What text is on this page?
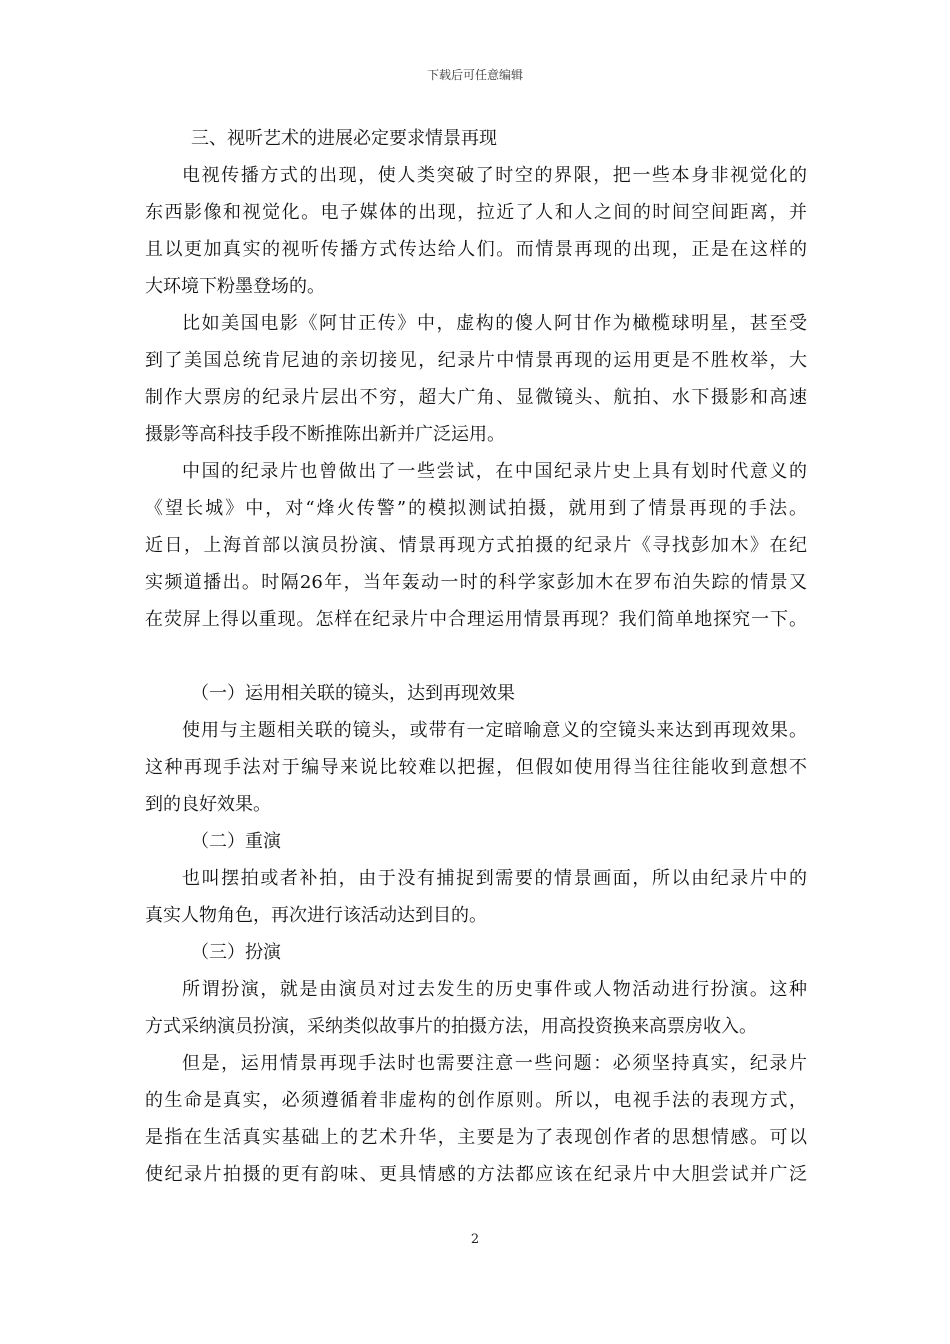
下载后可任意编辑
三、视听艺术的进展必定要求情景再现
电视传播方式的出现，使人类突破了时空的界限，把一些本身非视觉化的
东西影像和视觉化。电子媒体的出现，拉近了人和人之间的时间空间距离，并
且以更加真实的视听传播方式传达给人们。而情景再现的出现，正是在这样的
大环境下粉墨登场的。
比如美国电影《阿甘正传》中，虚构的傻人阿甘作为橄榄球明星，甚至受
到了美国总统肯尼迪的亲切接见，纪录片中情景再现的运用更是不胜枚举，大
制作大票房的纪录片层出不穷，超大广角、显微镜头、航拍、水下摄影和高速
摄影等高科技手段不断推陈出新并广泛运用。
中国的纪录片也曾做出了一些尝试，在中国纪录片史上具有划时代意义的
《望长城》中，对“烽火传警”的模拟测试拍摄，就用到了情景再现的手法。
近日，上海首部以演员扮演、情景再现方式拍摄的纪录片《寻找彭加木》在纪
实频道播出。时隔26年，当年轰动一时的科学家彭加木在罗布泊失踪的情景又
在荧屏上得以重现。怎样在纪录片中合理运用情景再现？我们简单地探究一下。
（一）运用相关联的镜头，达到再现效果
使用与主题相关联的镜头，或带有一定暗喻意义的空镜头来达到再现效果。
这种再现手法对于编导来说比较难以把握，但假如使用得当往往能收到意想不
到的良好效果。
（二）重演
也叫摆拍或者补拍，由于没有捕捉到需要的情景画面，所以由纪录片中的
真实人物角色，再次进行该活动达到目的。
（三）扮演
所谓扮演，就是由演员对过去发生的历史事件或人物活动进行扮演。这种
方式采纳演员扮演，采纳类似故事片的拍摄方法，用高投资换来高票房收入。
但是，运用情景再现手法时也需要注意一些问题：必须坚持真实，纪录片
的生命是真实，必须遵循着非虚构的创作原则。所以，电视手法的表现方式，
是指在生活真实基础上的艺术升华，主要是为了表现创作者的思想情感。可以
使纪录片拍摄的更有韵味、更具情感的方法都应该在纪录片中大胆尝试并广泛
2
